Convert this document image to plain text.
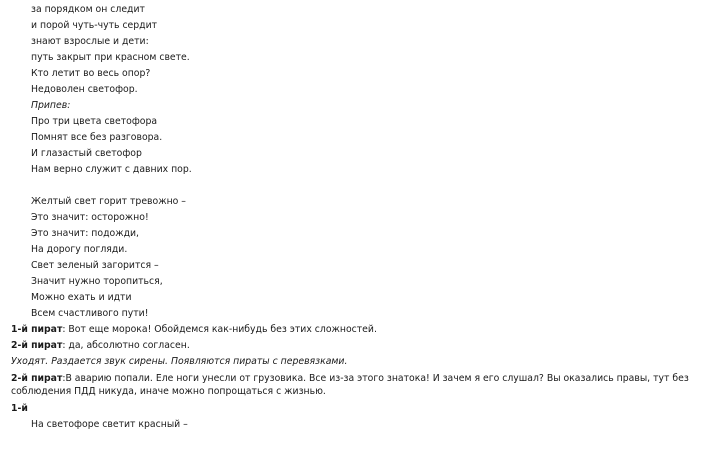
за порядком он следит
и порой чуть-чуть сердит
знают взрослые и дети:
путь закрыт при красном свете.
Кто летит во весь опор?
Недоволен светофор.
Припев:
Про три цвета светофора
Помнят все без разговора.
И глазастый светофор
Нам верно служит с давних пор.
Желтый свет горит тревожно –
Это значит: осторожно!
Это значит: подожди,
На дорогу погляди.
Свет зеленый загорится –
Значит нужно торопиться,
Можно ехать и идти
Всем счастливого пути!
1-й пират: Вот еще морока! Обойдемся как-нибудь без этих сложностей.
2-й пират: да, абсолютно согласен.
Уходят. Раздается звук сирены. Появляются пираты с перевязками.
2-й пират:В аварию попали. Еле ноги унесли от грузовика. Все из-за этого знатока! И зачем я его слушал? Вы оказались правы, тут без соблюдения ПДД никуда, иначе можно попрощаться с жизнью.
1-й
На светофоре светит красный –
